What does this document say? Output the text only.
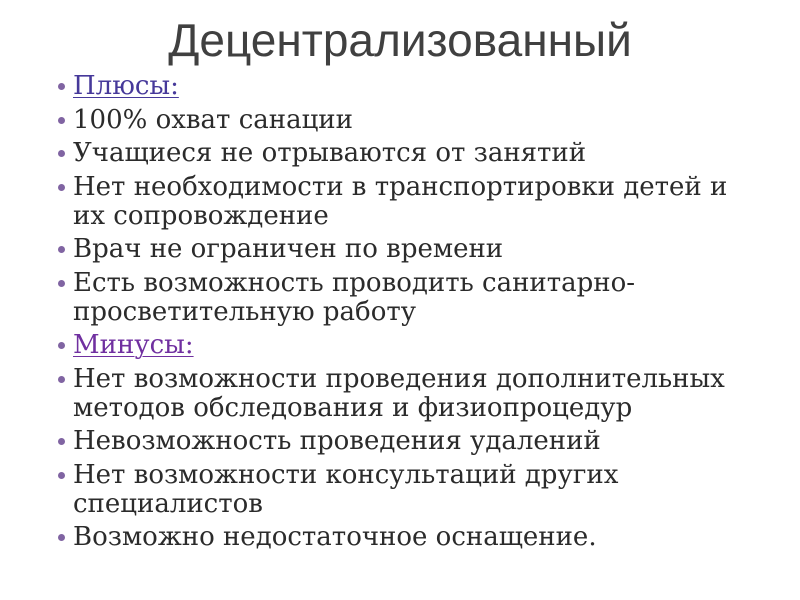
Децентрализованный
Плюсы:
100% охват санации
Учащиеся не отрываются от занятий
Нет необходимости в транспортировки детей и
их сопровождение
Врач не ограничен по времени
Есть возможность проводить санитарно-
просветительную работу
Минусы:
Нет возможности проведения дополнительных
методов обследования и физиопроцедур
Невозможность проведения удалений
Нет возможности консультаций других
специалистов
Возможно недостаточное оснащение.
